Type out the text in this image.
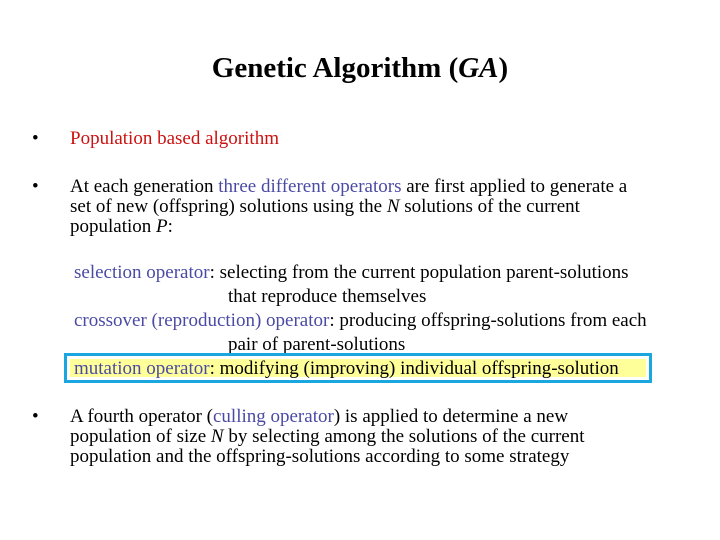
Genetic Algorithm (GA)
• Population based algorithm
• At each generation three different operators are first applied to generate a
set of new (offspring) solutions using the N solutions of the current
population P:
selection operator: selecting from the current population parent-solutions
that reproduce themselves
crossover (reproduction) operator: producing offspring-solutions from each
pair of parent-solutions
mutation operator: modifying (improving) individual offspring-solution
• A fourth operator (culling operator) is applied to determine a new
population of size N by selecting among the solutions of the current
population and the offspring-solutions according to some strategy
